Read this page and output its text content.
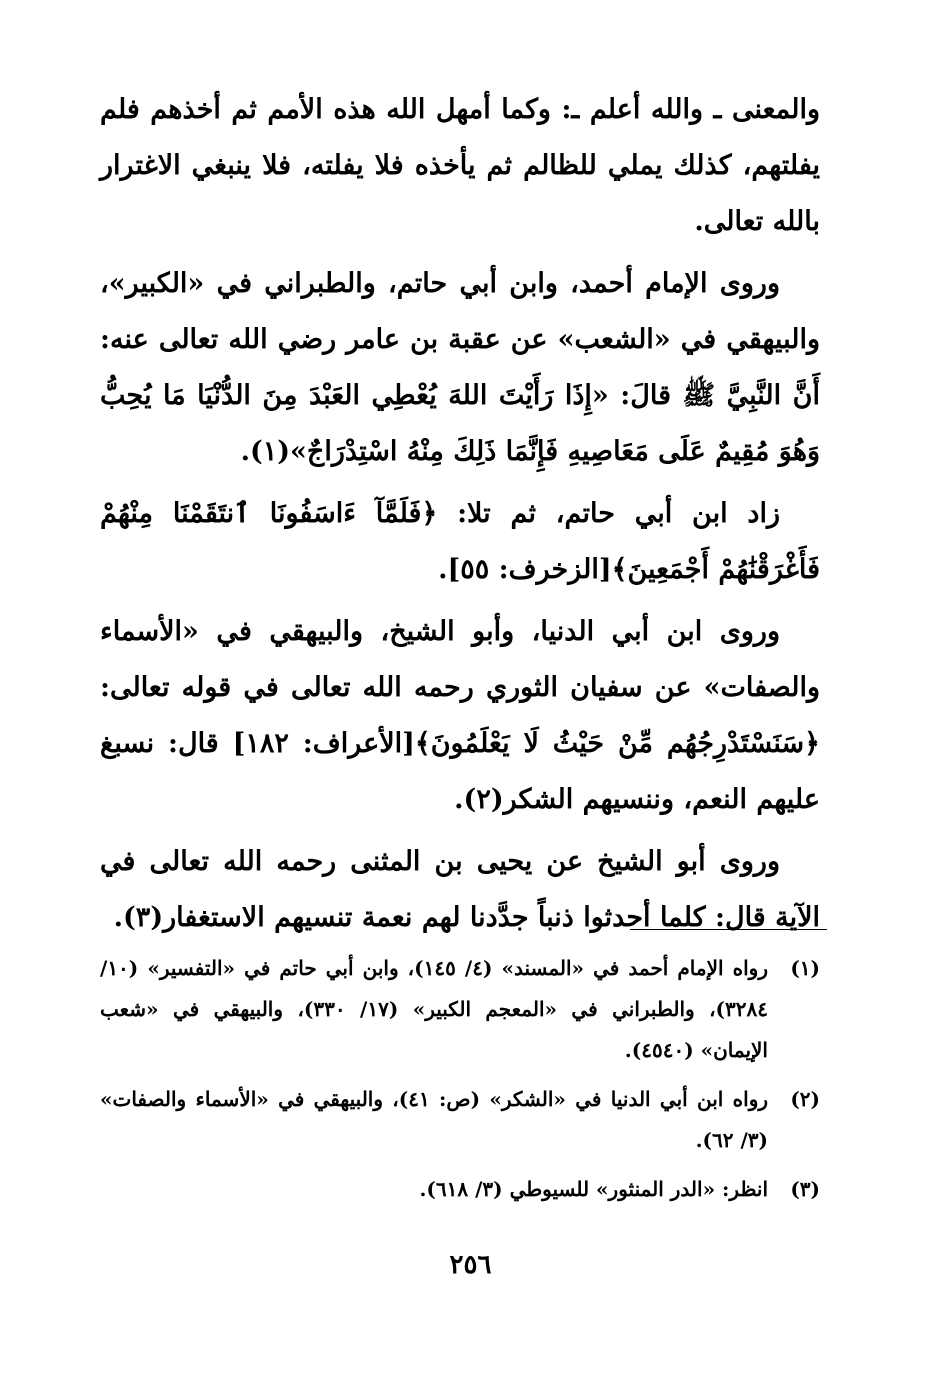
والمعنى ـ والله أعلم ـ: وكما أمهل الله هذه الأمم ثم أخذهم فلم يفلتهم، كذلك يملي للظالم ثم يأخذه فلا يفلته، فلا ينبغي الاغترار بالله تعالى.

وروى الإمام أحمد، وابن أبي حاتم، والطبراني في «الكبير»، والبيهقي في «الشعب» عن عقبة بن عامر رضي الله تعالى عنه: أَنَّ النَّبِيَّ ﷺ قالَ: «إِذَا رَأَيْتَ اللهَ يُعْطِي العَبْدَ مِنَ الدُّنْيَا مَا يُحِبُّ وَهُوَ مُقِيمٌ عَلَى مَعَاصِيهِ فَإِنَّمَا ذَلِكَ مِنْهُ اسْتِدْرَاجٌ»(١).

زاد ابن أبي حاتم، ثم تلا: ﴿فَلَمَّآ ءَاسَفُونَا ٱنتَقَمْنَا مِنْهُمْ فَأَغْرَقْنَٰهُمْ أَجْمَعِينَ﴾[الزخرف: ٥٥].

وروى ابن أبي الدنيا، وأبو الشيخ، والبيهقي في «الأسماء والصفات» عن سفيان الثوري رحمه الله تعالى في قوله تعالى: ﴿سَنَسْتَدْرِجُهُم مِّنْ حَيْثُ لَا يَعْلَمُونَ﴾[الأعراف: ١٨٢] قال: نسبغ عليهم النعم، وننسيهم الشكر(٢).

وروى أبو الشيخ عن يحيى بن المثنى رحمه الله تعالى في الآية قال: كلما أحدثوا ذنباً جدَّدنا لهم نعمة تنسيهم الاستغفار(٣).

(١)
رواه الإمام أحمد في «المسند» (٤/ ١٤٥)، وابن أبي حاتم في «التفسير» (١٠/ ٣٢٨٤)، والطبراني في «المعجم الكبير» (١٧/ ٣٣٠)، والبيهقي في «شعب الإيمان» (٤٥٤٠).
(٢)
رواه ابن أبي الدنيا في «الشكر» (ص: ٤١)، والبيهقي في «الأسماء والصفات» (٣/ ٦٢).
(٣)
انظر: «الدر المنثور» للسيوطي (٣/ ٦١٨).
٢٥٦
